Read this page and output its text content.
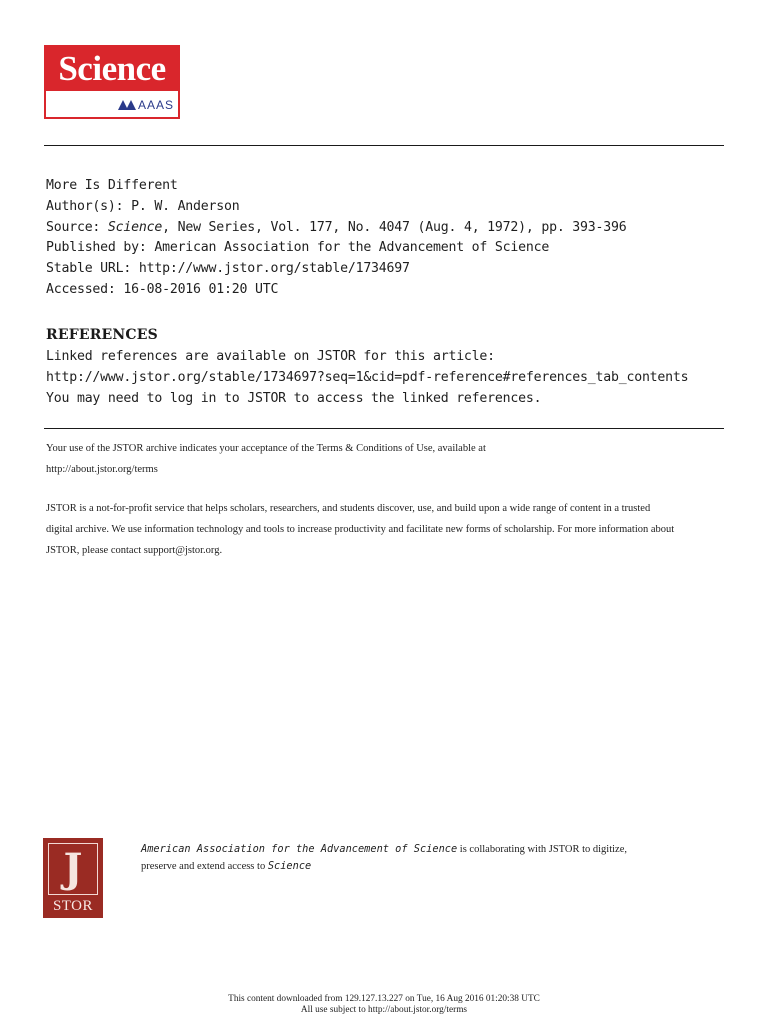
Science
AAAS
More Is Different
Author(s): P. W. Anderson
Source: Science, New Series, Vol. 177, No. 4047 (Aug. 4, 1972), pp. 393-396
Published by: American Association for the Advancement of Science
Stable URL: http://www.jstor.org/stable/1734697
Accessed: 16-08-2016 01:20 UTC
REFERENCES
Linked references are available on JSTOR for this article:
http://www.jstor.org/stable/1734697?seq=1&cid=pdf-reference#references_tab_contents
You may need to log in to JSTOR to access the linked references.
Your use of the JSTOR archive indicates your acceptance of the Terms & Conditions of Use, available at
http://about.jstor.org/terms
JSTOR is a not-for-profit service that helps scholars, researchers, and students discover, use, and build upon a wide range of content in a trusted
digital archive. We use information technology and tools to increase productivity and facilitate new forms of scholarship. For more information about
JSTOR, please contact support@jstor.org.
J
STOR
American Association for the Advancement of Science is collaborating with JSTOR to digitize,
preserve and extend access to Science
This content downloaded from 129.127.13.227 on Tue, 16 Aug 2016 01:20:38 UTC
All use subject to http://about.jstor.org/terms
